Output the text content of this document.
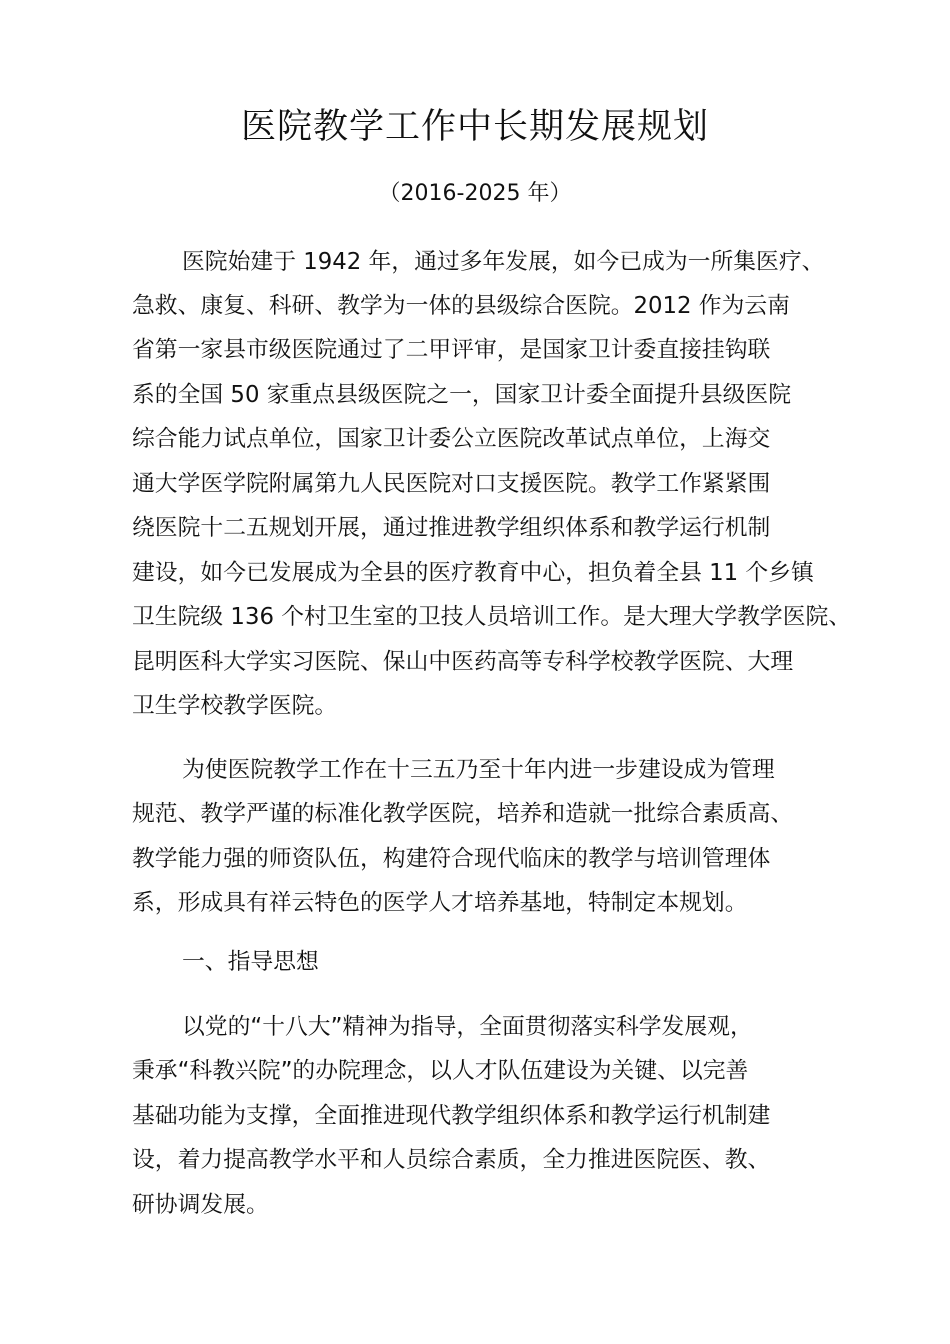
医院教学工作中长期发展规划
（2016-2025 年）
医院始建于 1942 年，通过多年发展，如今已成为一所集医疗、
急救、康复、科研、教学为一体的县级综合医院。2012 作为云南
省第一家县市级医院通过了二甲评审，是国家卫计委直接挂钩联
系的全国 50 家重点县级医院之一，国家卫计委全面提升县级医院
综合能力试点单位，国家卫计委公立医院改革试点单位，上海交
通大学医学院附属第九人民医院对口支援医院。教学工作紧紧围
绕医院十二五规划开展，通过推进教学组织体系和教学运行机制
建设，如今已发展成为全县的医疗教育中心，担负着全县 11 个乡镇
卫生院级 136 个村卫生室的卫技人员培训工作。是大理大学教学医院、
昆明医科大学实习医院、保山中医药高等专科学校教学医院、大理
卫生学校教学医院。
为使医院教学工作在十三五乃至十年内进一步建设成为管理
规范、教学严谨的标准化教学医院，培养和造就一批综合素质高、
教学能力强的师资队伍，构建符合现代临床的教学与培训管理体
系，形成具有祥云特色的医学人才培养基地，特制定本规划。
一、指导思想
以党的“十八大”精神为指导，全面贯彻落实科学发展观，
秉承“科教兴院”的办院理念，以人才队伍建设为关键、以完善
基础功能为支撑，全面推进现代教学组织体系和教学运行机制建
设，着力提高教学水平和人员综合素质，全力推进医院医、教、
研协调发展。
